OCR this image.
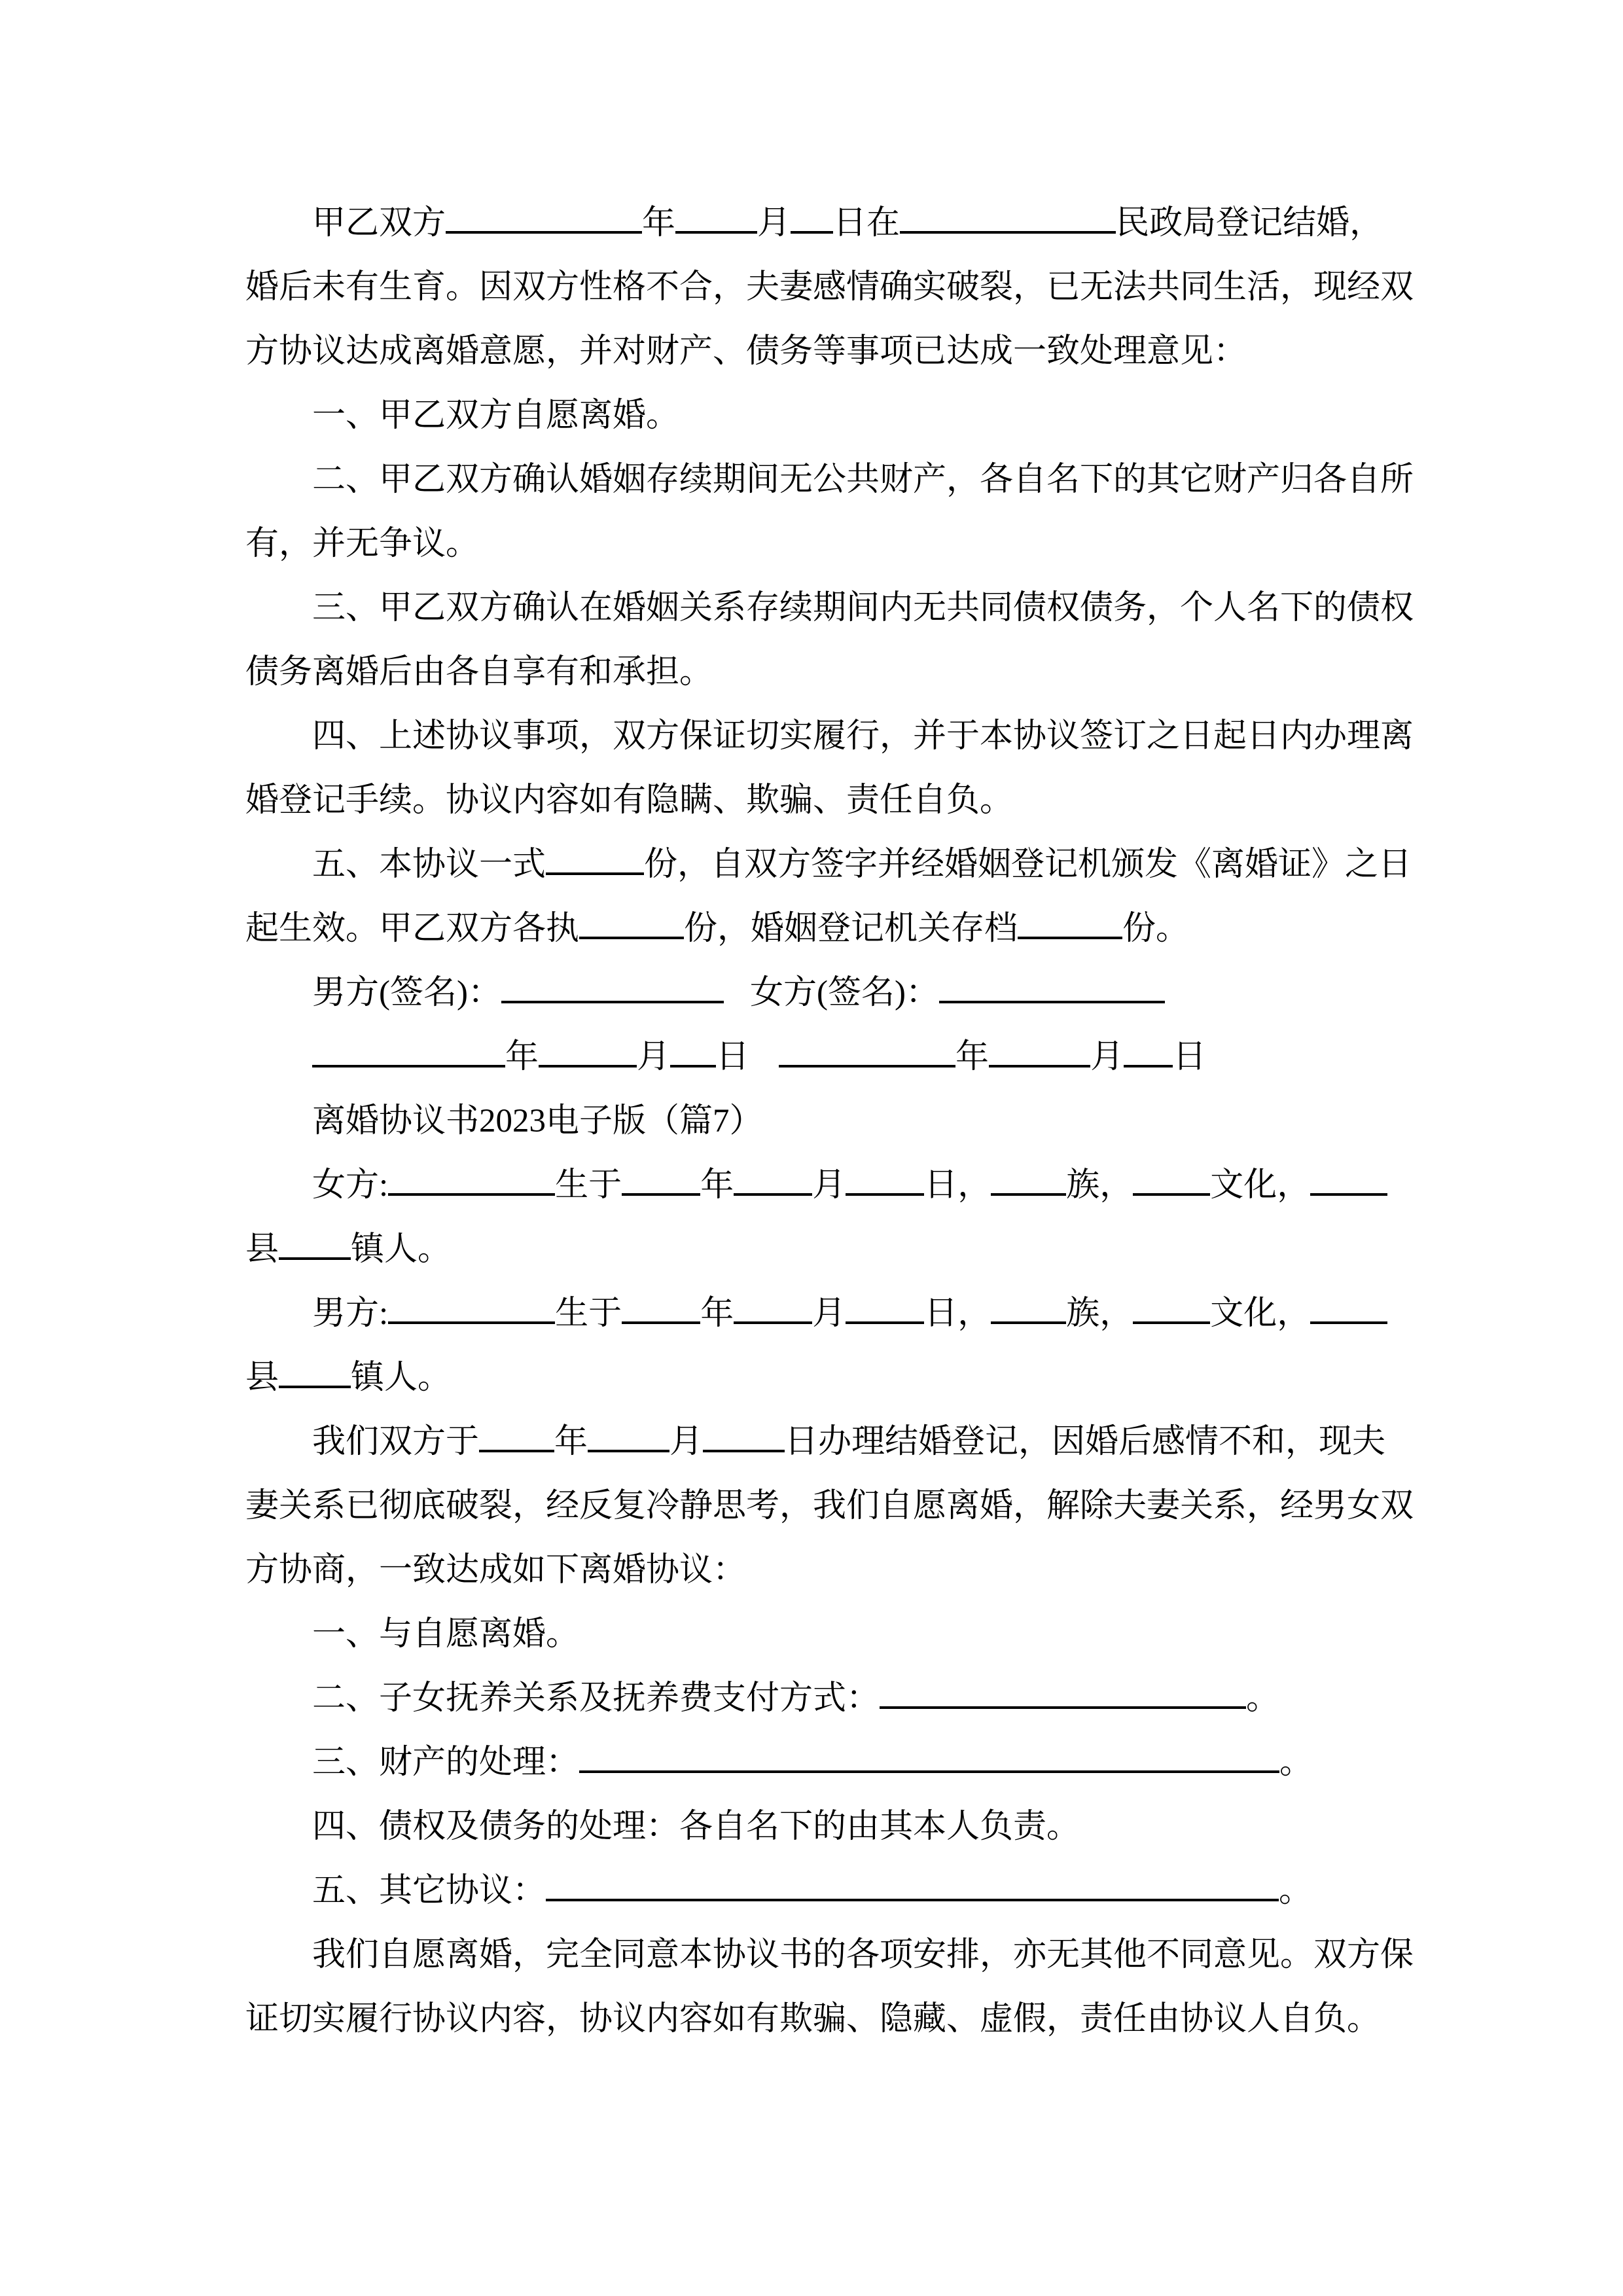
甲乙双方	年 月 日在	民政局登记结婚，
婚后未有生育。因双方性格不合，夫妻感情确实破裂，已无法共同生活，现经双
方协议达成离婚意愿，并对财产、债务等事项已达成一致处理意见：
一、甲乙双方自愿离婚。
二、甲乙双方确认婚姻存续期间无公共财产，各自名下的其它财产归各自所
有，并无争议。
三、甲乙双方确认在婚姻关系存续期间内无共同债权债务，个人名下的债权
债务离婚后由各自享有和承担。
四、上述协议事项，双方保证切实履行，并于本协议签订之日起日内办理离
婚登记手续。协议内容如有隐瞒、欺骗、责任自负。
五、本协议一式	份，自双方签字并经婚姻登记机颁发《离婚证》之日
起生效。甲乙双方各执	份，婚姻登记机关存档	份。
男方(签名)：	女方(签名)：
年	月 日	年	月 日
离婚协议书2023电子版（篇7）
女方:	生于 年 月 日， 族， 文化，
县 镇人。
男方:	生于 年 月 日， 族， 文化，
县 镇人。
我们双方于 年 月 日办理结婚登记，因婚后感情不和，现夫
妻关系已彻底破裂，经反复冷静思考，我们自愿离婚，解除夫妻关系，经男女双
方协商，一致达成如下离婚协议：
一、与自愿离婚。
二、子女抚养关系及抚养费支付方式：	。
三、财产的处理：	。
四、债权及债务的处理：各自名下的由其本人负责。
五、其它协议：	。
我们自愿离婚，完全同意本协议书的各项安排，亦无其他不同意见。双方保
证切实履行协议内容，协议内容如有欺骗、隐藏、虚假，责任由协议人自负。
